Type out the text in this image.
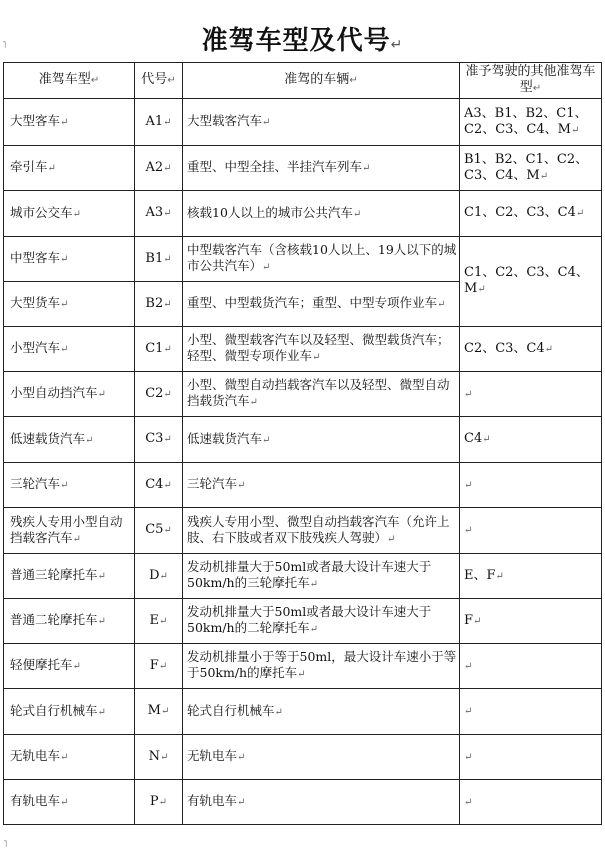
准驾车型及代号↵
˥
准驾车型↵	代号↵	准驾的车辆↵	准予驾驶的其他准驾车型↵
大型客车↵	A1↵	大型载客汽车↵	A3、B1、B2、C1、C2、C3、C4、M↵
牵引车↵	A2↵	重型、中型全挂、半挂汽车列车↵	B1、B2、C1、C2、C3、C4、M↵
城市公交车↵	A3↵	核载10人以上的城市公共汽车↵	C1、C2、C3、C4↵
中型客车↵	B1↵	中型载客汽车（含核载10人以上、19人以下的城市公共汽车）↵	C1、C2、C3、C4、M↵
大型货车↵	B2↵	重型、中型载货汽车；重型、中型专项作业车↵	
小型汽车↵	C1↵	小型、微型载客汽车以及轻型、微型载货汽车；轻型、微型专项作业车↵	C2、C3、C4↵
小型自动挡汽车↵	C2↵	小型、微型自动挡载客汽车以及轻型、微型自动挡载货汽车↵	↵
低速载货汽车↵	C3↵	低速载货汽车↵	C4↵
三轮汽车↵	C4↵	三轮汽车↵	↵
残疾人专用小型自动挡载客汽车↵	C5↵	残疾人专用小型、微型自动挡载客汽车（允许上肢、右下肢或者双下肢残疾人驾驶）↵	↵
普通三轮摩托车↵	D↵	发动机排量大于50ml或者最大设计车速大于50km/h的三轮摩托车↵	E、F↵
普通二轮摩托车↵	E↵	发动机排量大于50ml或者最大设计车速大于50km/h的二轮摩托车↵	F↵
轻便摩托车↵	F↵	发动机排量小于等于50ml，最大设计车速小于等于50km/h的摩托车↵	↵
轮式自行机械车↵	M↵	轮式自行机械车↵	↵
无轨电车↵	N↵	无轨电车↵	↵
有轨电车↵	P↵	有轨电车↵	↵
˥
